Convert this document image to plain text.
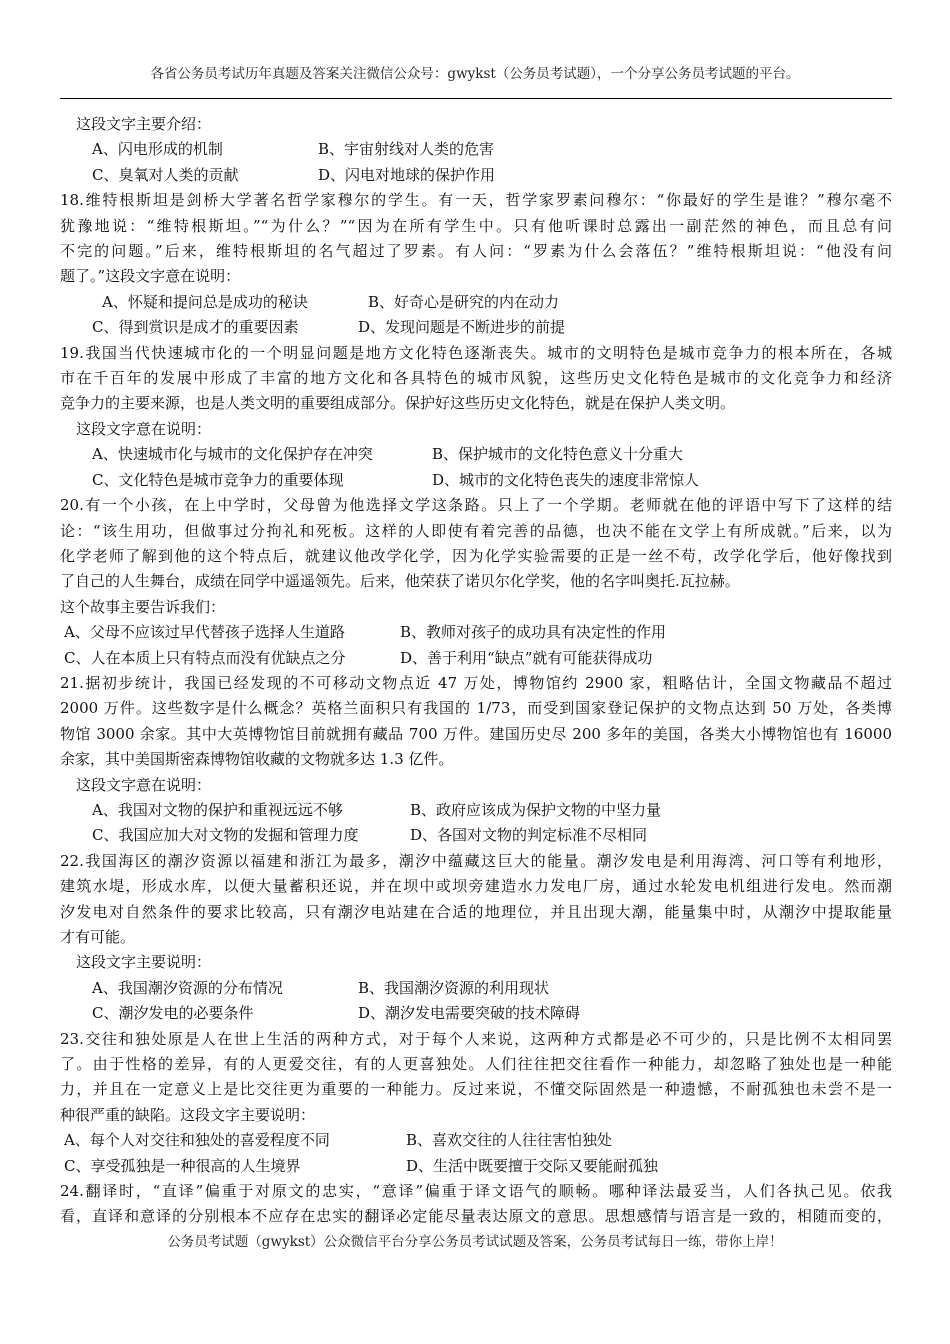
各省公务员考试历年真题及答案关注微信公众号：gwykst（公务员考试题），一个分享公务员考试题的平台。
这段文字主要介绍：
A、闪电形成的机制	B、宇宙射线对人类的危害
C、臭氧对人类的贡献	D、闪电对地球的保护作用
18.维特根斯坦是剑桥大学著名哲学家穆尔的学生。有一天，哲学家罗素问穆尔：“你最好的学生是谁？”穆尔毫不
犹豫地说：“维特根斯坦。”“为什么？”“因为在所有学生中。只有他听课时总露出一副茫然的神色，而且总有问
不完的问题。”后来，维特根斯坦的名气超过了罗素。有人问：“罗素为什么会落伍？”维特根斯坦说：“他没有问
题了。”这段文字意在说明：
A、怀疑和提问总是成功的秘诀	B、好奇心是研究的内在动力
C、得到赏识是成才的重要因素	D、发现问题是不断进步的前提
19.我国当代快速城市化的一个明显问题是地方文化特色逐渐丧失。城市的文明特色是城市竞争力的根本所在，各城
市在千百年的发展中形成了丰富的地方文化和各具特色的城市风貌，这些历史文化特色是城市的文化竞争力和经济
竞争力的主要来源，也是人类文明的重要组成部分。保护好这些历史文化特色，就是在保护人类文明。
这段文字意在说明：
A、快速城市化与城市的文化保护存在冲突	B、保护城市的文化特色意义十分重大
C、文化特色是城市竞争力的重要体现	D、城市的文化特色丧失的速度非常惊人
20.有一个小孩，在上中学时，父母曾为他选择文学这条路。只上了一个学期。老师就在他的评语中写下了这样的结
论：“该生用功，但做事过分拘礼和死板。这样的人即使有着完善的品德，也决不能在文学上有所成就。”后来，以为
化学老师了解到他的这个特点后，就建议他改学化学，因为化学实验需要的正是一丝不苟，改学化学后，他好像找到
了自己的人生舞台，成绩在同学中遥遥领先。后来，他荣获了诺贝尔化学奖，他的名字叫奥托.瓦拉赫。
这个故事主要告诉我们：
A、父母不应该过早代替孩子选择人生道路	B、教师对孩子的成功具有决定性的作用
C、人在本质上只有特点而没有优缺点之分	D、善于利用“缺点”就有可能获得成功
21.据初步统计，我国已经发现的不可移动文物点近 47 万处，博物馆约 2900 家，粗略估计，全国文物藏品不超过
2000 万件。这些数字是什么概念？英格兰面积只有我国的 1/73，而受到国家登记保护的文物点达到 50 万处，各类博
物馆 3000 余家。其中大英博物馆目前就拥有藏品 700 万件。建国历史尽 200 多年的美国，各类大小博物馆也有 16000
余家，其中美国斯密森博物馆收藏的文物就多达 1.3 亿件。
这段文字意在说明：
A、我国对文物的保护和重视远远不够	B、政府应该成为保护文物的中坚力量
C、我国应加大对文物的发掘和管理力度	D、各国对文物的判定标准不尽相同
22.我国海区的潮汐资源以福建和浙江为最多，潮汐中蕴藏这巨大的能量。潮汐发电是利用海湾、河口等有利地形，
建筑水堤，形成水库，以便大量蓄积还说，并在坝中或坝旁建造水力发电厂房，通过水轮发电机组进行发电。然而潮
汐发电对自然条件的要求比较高，只有潮汐电站建在合适的地理位，并且出现大潮，能量集中时，从潮汐中提取能量
才有可能。
这段文字主要说明：
A、我国潮汐资源的分布情况	B、我国潮汐资源的利用现状
C、潮汐发电的必要条件	D、潮汐发电需要突破的技术障碍
23.交往和独处原是人在世上生活的两种方式，对于每个人来说，这两种方式都是必不可少的，只是比例不太相同罢
了。由于性格的差异，有的人更爱交往，有的人更喜独处。人们往往把交往看作一种能力，却忽略了独处也是一种能
力，并且在一定意义上是比交往更为重要的一种能力。反过来说，不懂交际固然是一种遗憾，不耐孤独也未尝不是一
种很严重的缺陷。这段文字主要说明：
A、每个人对交往和独处的喜爱程度不同	B、喜欢交往的人往往害怕独处
C、享受孤独是一种很高的人生境界	D、生活中既要擅于交际又要能耐孤独
24.翻译时，“直译”偏重于对原文的忠实，“意译”偏重于译文语气的顺畅。哪种译法最妥当，人们各执己见。依我
看，直译和意译的分别根本不应存在忠实的翻译必定能尽量表达原文的意思。思想感情与语言是一致的，相随而变的，
公务员考试题（gwykst）公众微信平台分享公务员考试试题及答案，公务员考试每日一练，带你上岸！
